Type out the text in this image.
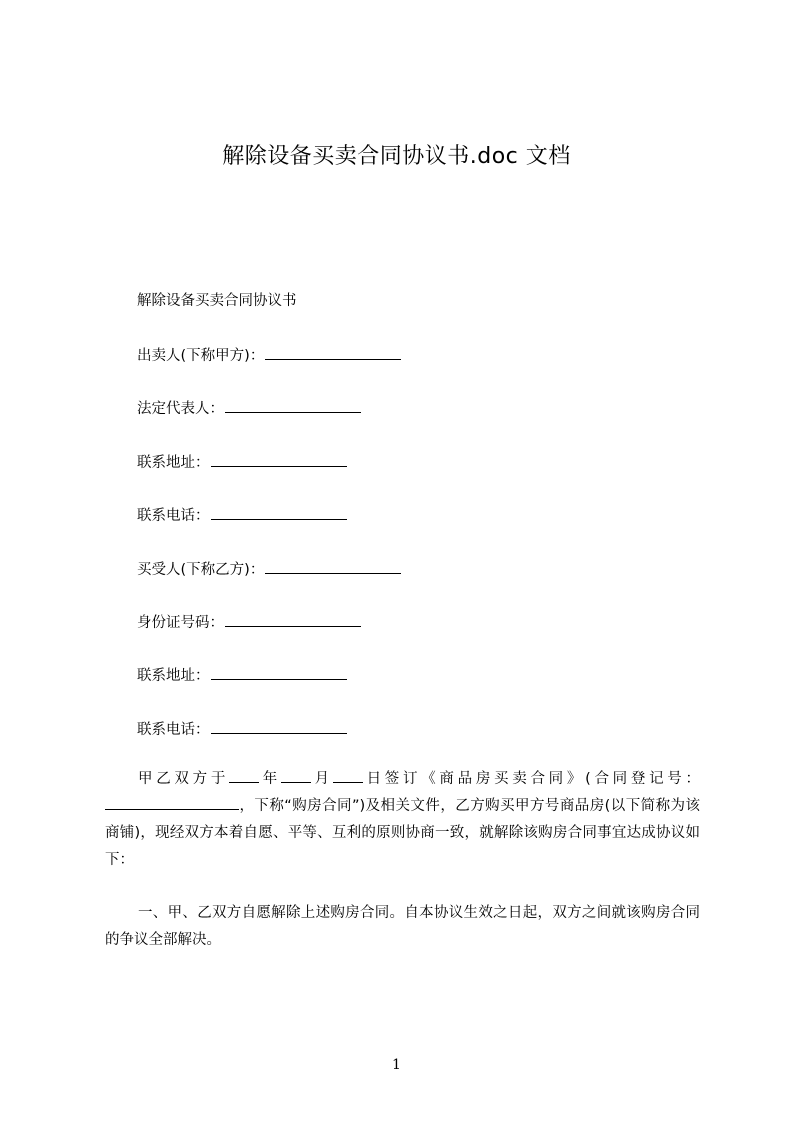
解除设备买卖合同协议书.doc 文档
解除设备买卖合同协议书
出卖人(下称甲方)：
法定代表人：
联系地址：
联系电话：
买受人(下称乙方)：
身份证号码：
联系地址：
联系电话：
甲乙双方于 年 月 日签订《商品房买卖合同》(合同登记号：，下称“购房合同”)及相关文件，乙方购买甲方号商品房(以下简称为该商铺)，现经双方本着自愿、平等、互利的原则协商一致，就解除该购房合同事宜达成协议如下：
一、甲、乙双方自愿解除上述购房合同。自本协议生效之日起，双方之间就该购房合同的争议全部解决。
1
